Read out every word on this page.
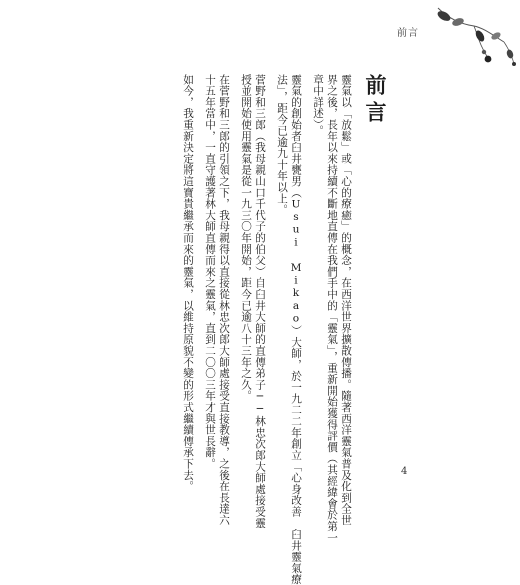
前言
前言
靈氣以「放鬆」或「心的療癒」的概念，在西洋世界擴散傳播。隨著西洋靈氣普及化到全世
界之後，長年以來持續不斷地直傳在我們手中的「靈氣」，重新開始獲得評價（其經緯會於第一
章中詳述）。
靈氣的創始者臼井甕男（Usui Mikao）大師，於一九二二年創立「心身改善　臼井靈氣療
法」，距今已逾九十年以上。
菅野和三郎（我母親山口千代子的伯父）自臼井大師的直傳弟子──林忠次郎大師處接受靈
授並開始使用靈氣是從一九三〇年開始，距今已逾八十三年之久。
在菅野和三郎的引領之下，我母親得以直接從林忠次郎大師處接受直接教導，之後在長達六
十五年當中，一直守護著林大師直傳而來之靈氣，直到二〇〇三年才與世長辭。
如今，我重新決定將這寶貴繼承而來的靈氣，以維持原貌不變的形式繼續傳承下去。	4
